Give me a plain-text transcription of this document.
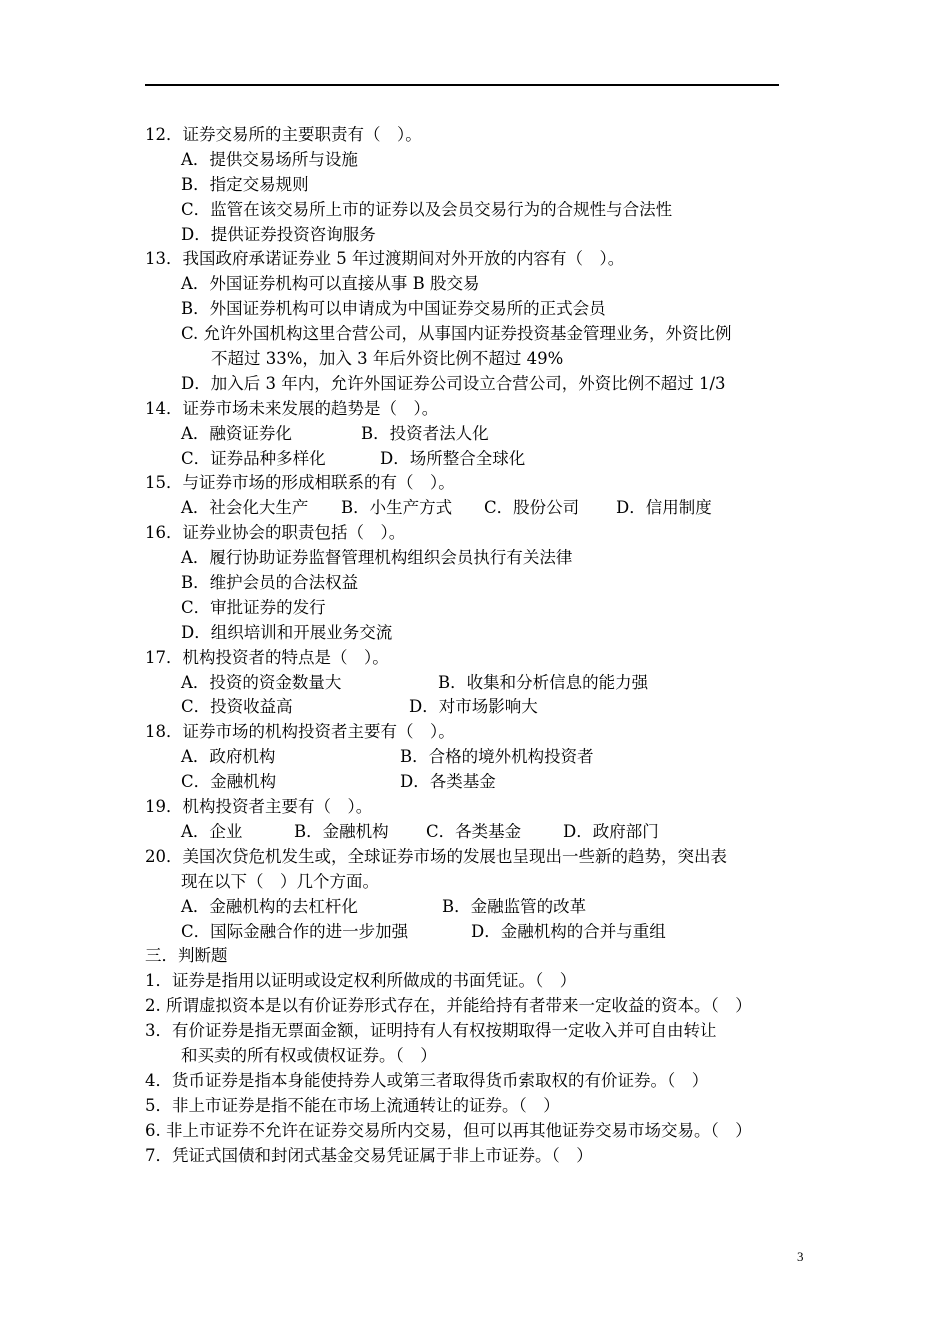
12．证券交易所的主要职责有（　）。
A．提供交易场所与设施
B．指定交易规则
C．监管在该交易所上市的证券以及会员交易行为的合规性与合法性
D．提供证券投资咨询服务
13．我国政府承诺证券业 5 年过渡期间对外开放的内容有（　）。
A．外国证券机构可以直接从事 B 股交易
B．外国证券机构可以申请成为中国证券交易所的正式会员
C. 允许外国机构这里合营公司，从事国内证券投资基金管理业务，外资比例
不超过 33%，加入 3 年后外资比例不超过 49%
D．加入后 3 年内，允许外国证券公司设立合营公司，外资比例不超过 1/3
14．证券市场未来发展的趋势是（　）。
A．融资证券化	B．投资者法人化
C．证券品种多样化	D．场所整合全球化
15．与证券市场的形成相联系的有（　）。
A．社会化大生产 B．小生产方式 C．股份公司 D．信用制度
16．证券业协会的职责包括（　）。
A．履行协助证券监督管理机构组织会员执行有关法律
B．维护会员的合法权益
C．审批证券的发行
D．组织培训和开展业务交流
17．机构投资者的特点是（　）。
A．投资的资金数量大	B．收集和分析信息的能力强
C．投资收益高	D．对市场影响大
18．证券市场的机构投资者主要有（　）。
A．政府机构	B．合格的境外机构投资者
C．金融机构	D．各类基金
19．机构投资者主要有（　）。
A．企业	B．金融机构 C．各类基金	D．政府部门
20．美国次贷危机发生或，全球证券市场的发展也呈现出一些新的趋势，突出表
现在以下（　）几个方面。
A．金融机构的去杠杆化	B．金融监管的改革
C．国际金融合作的进一步加强	D．金融机构的合并与重组
三．判断题
1．证券是指用以证明或设定权利所做成的书面凭证。（　）
2. 所谓虚拟资本是以有价证券形式存在，并能给持有者带来一定收益的资本。（　）
3．有价证券是指无票面金额，证明持有人有权按期取得一定收入并可自由转让
和买卖的所有权或债权证券。（　）
4．货币证券是指本身能使持券人或第三者取得货币索取权的有价证券。（　）
5．非上市证券是指不能在市场上流通转让的证券。（　）
6. 非上市证券不允许在证券交易所内交易，但可以再其他证券交易市场交易。（　）
7．凭证式国债和封闭式基金交易凭证属于非上市证券。（　）
3
